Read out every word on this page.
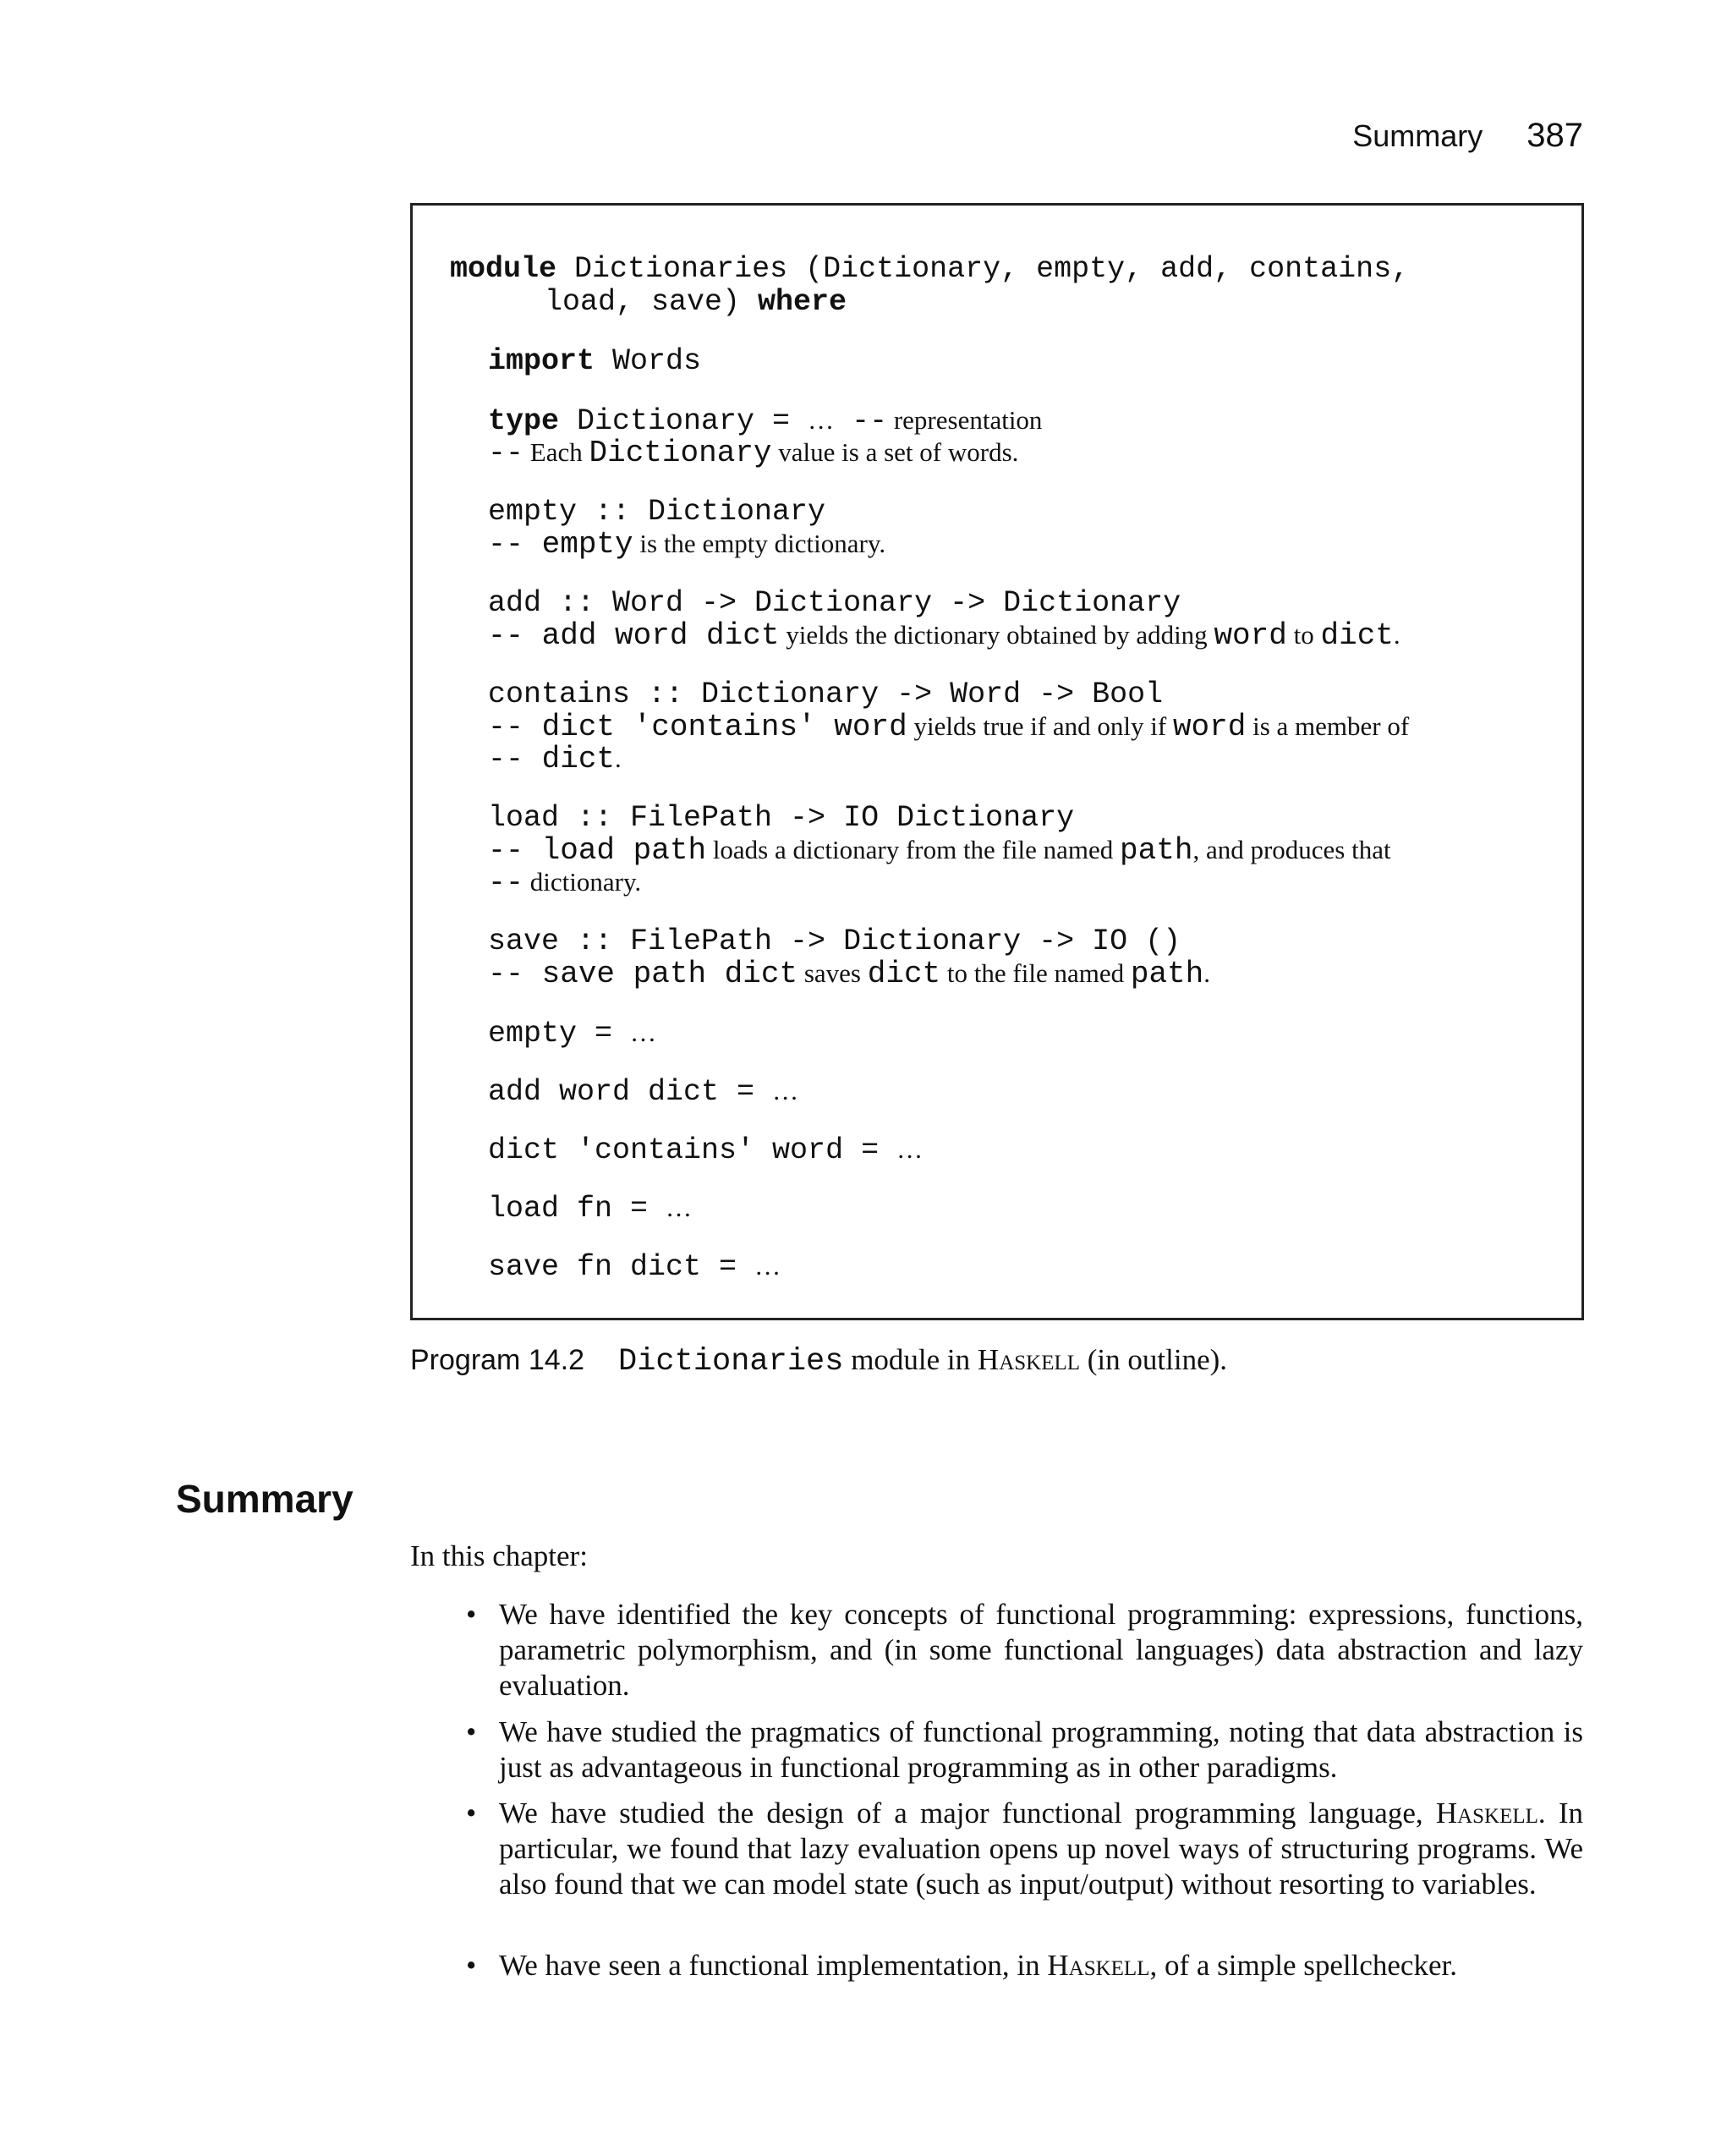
Summary 387
module Dictionaries (Dictionary, empty, add, contains,
load, save) where
import Words
type Dictionary = … -- representation
-- Each Dictionary value is a set of words.
empty :: Dictionary
-- empty is the empty dictionary.
add :: Word -> Dictionary -> Dictionary
-- add word dict yields the dictionary obtained by adding word to dict.
contains :: Dictionary -> Word -> Bool
-- dict 'contains' word yields true if and only if word is a member of
-- dict.
load :: FilePath -> IO Dictionary
-- load path loads a dictionary from the file named path, and produces that
-- dictionary.
save :: FilePath -> Dictionary -> IO ()
-- save path dict saves dict to the file named path.
empty = …
add word dict = …
dict 'contains' word = …
load fn = …
save fn dict = …
Program 14.2 Dictionaries module in Haskell (in outline).
Summary
In this chapter:
• We have identified the key concepts of functional programming: expressions, functions, parametric polymorphism, and (in some functional languages) data abstraction and lazy evaluation.
• We have studied the pragmatics of functional programming, noting that data abstraction is just as advantageous in functional programming as in other paradigms.
• We have studied the design of a major functional programming language, Haskell. In particular, we found that lazy evaluation opens up novel ways of structuring programs. We also found that we can model state (such as input/output) without resorting to variables.
• We have seen a functional implementation, in Haskell, of a simple spellchecker.
